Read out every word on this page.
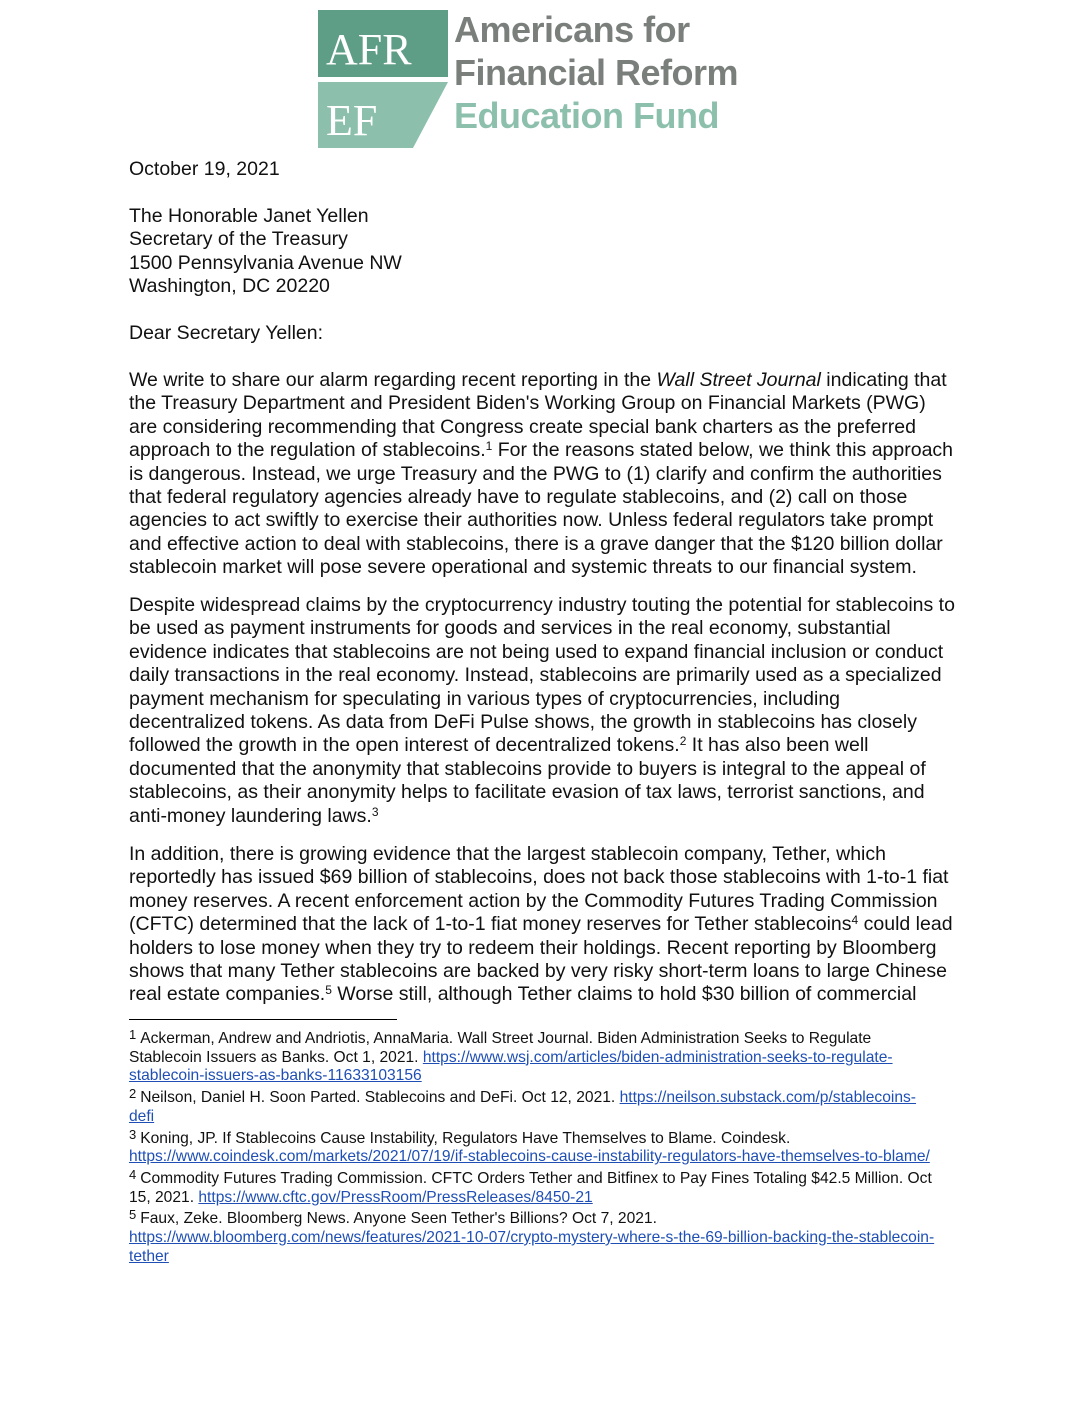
AFR
EF
Americans for
Financial Reform
Education Fund
October 19, 2021
The Honorable Janet Yellen
Secretary of the Treasury
1500 Pennsylvania Avenue NW
Washington, DC 20220
Dear Secretary Yellen:
We write to share our alarm regarding recent reporting in the Wall Street Journal indicating that
the Treasury Department and President Biden's Working Group on Financial Markets (PWG)
are considering recommending that Congress create special bank charters as the preferred
approach to the regulation of stablecoins.$^1$ For the reasons stated below, we think this approach
is dangerous. Instead, we urge Treasury and the PWG to (1) clarify and confirm the authorities
that federal regulatory agencies already have to regulate stablecoins, and (2) call on those
agencies to act swiftly to exercise their authorities now. Unless federal regulators take prompt
and effective action to deal with stablecoins, there is a grave danger that the $120 billion dollar
stablecoin market will pose severe operational and systemic threats to our financial system.
Despite widespread claims by the cryptocurrency industry touting the potential for stablecoins to
be used as payment instruments for goods and services in the real economy, substantial
evidence indicates that stablecoins are not being used to expand financial inclusion or conduct
daily transactions in the real economy. Instead, stablecoins are primarily used as a specialized
payment mechanism for speculating in various types of cryptocurrencies, including
decentralized tokens. As data from DeFi Pulse shows, the growth in stablecoins has closely
followed the growth in the open interest of decentralized tokens.$^2$ It has also been well
documented that the anonymity that stablecoins provide to buyers is integral to the appeal of
stablecoins, as their anonymity helps to facilitate evasion of tax laws, terrorist sanctions, and
anti-money laundering laws.$^3$
In addition, there is growing evidence that the largest stablecoin company, Tether, which
reportedly has issued $69 billion of stablecoins, does not back those stablecoins with 1-to-1 fiat
money reserves. A recent enforcement action by the Commodity Futures Trading Commission
(CFTC) determined that the lack of 1-to-1 fiat money reserves for Tether stablecoins$^4$ could lead
holders to lose money when they try to redeem their holdings. Recent reporting by Bloomberg
shows that many Tether stablecoins are backed by very risky short-term loans to large Chinese
real estate companies.$^5$ Worse still, although Tether claims to hold $30 billion of commercial
$^1$ Ackerman, Andrew and Andriotis, AnnaMaria. Wall Street Journal. Biden Administration Seeks to Regulate
Stablecoin Issuers as Banks. Oct 1, 2021. https://www.wsj.com/articles/biden-administration-seeks-to-regulate-
stablecoin-issuers-as-banks-11633103156
$^2$ Neilson, Daniel H. Soon Parted. Stablecoins and DeFi. Oct 12, 2021. https://neilson.substack.com/p/stablecoins-
defi
$^3$ Koning, JP. If Stablecoins Cause Instability, Regulators Have Themselves to Blame. Coindesk.
https://www.coindesk.com/markets/2021/07/19/if-stablecoins-cause-instability-regulators-have-themselves-to-blame/
$^4$ Commodity Futures Trading Commission. CFTC Orders Tether and Bitfinex to Pay Fines Totaling $42.5 Million. Oct
15, 2021. https://www.cftc.gov/PressRoom/PressReleases/8450-21
$^5$ Faux, Zeke. Bloomberg News. Anyone Seen Tether's Billions? Oct 7, 2021.
https://www.bloomberg.com/news/features/2021-10-07/crypto-mystery-where-s-the-69-billion-backing-the-stablecoin-
tether
